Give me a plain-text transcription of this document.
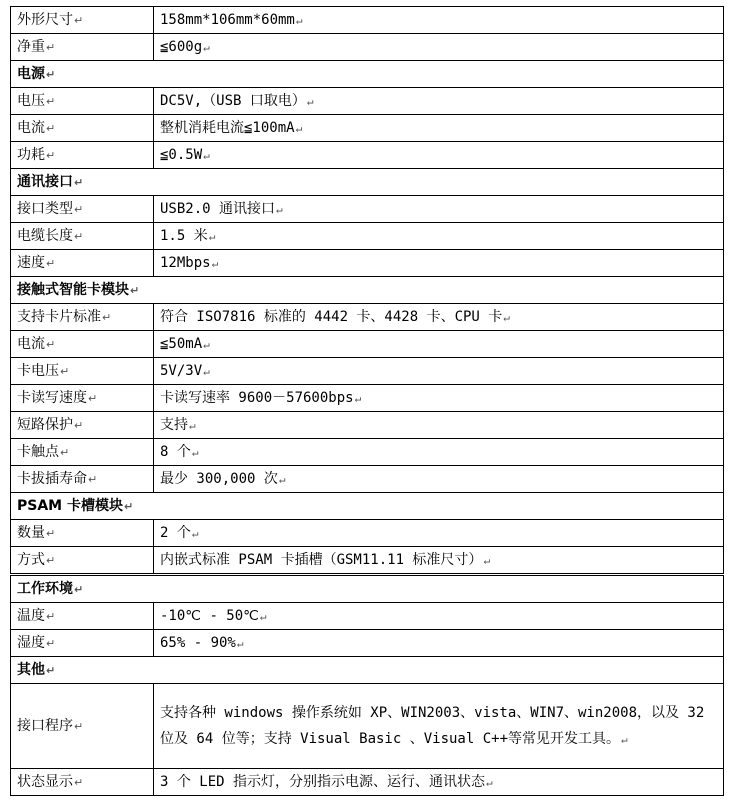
外形尺寸↵	158mm*106mm*60mm↵
净重↵	≦600g↵
电源↵	
电压↵	DC5V,（USB 口取电）↵
电流↵	整机消耗电流≦100mA↵
功耗↵	≦0.5W↵
通讯接口↵	
接口类型↵	USB2.0 通讯接口↵
电缆长度↵	1.5 米↵
速度↵	12Mbps↵
接触式智能卡模块↵	
支持卡片标准↵	符合 ISO7816 标准的 4442 卡、4428 卡、CPU 卡↵
电流↵	≦50mA↵
卡电压↵	5V/3V↵
卡读写速度↵	卡读写速率 9600－57600bps↵
短路保护↵	支持↵
卡触点↵	8 个↵
卡拔插寿命↵	最少 300,000 次↵
PSAM 卡槽模块↵	
数量↵	2 个↵
方式↵	内嵌式标准 PSAM 卡插槽（GSM11.11 标准尺寸）↵
工作环境↵	
温度↵	-10℃ - 50℃↵
湿度↵	65% - 90%↵
其他↵	
接口程序↵	支持各种 windows 操作系统如 XP、WIN2003、vista、WIN7、win2008，以及 32 位及 64 位等；支持 Visual Basic 、Visual C++等常见开发工具。↵
状态显示↵	3 个 LED 指示灯，分别指示电源、运行、通讯状态↵
